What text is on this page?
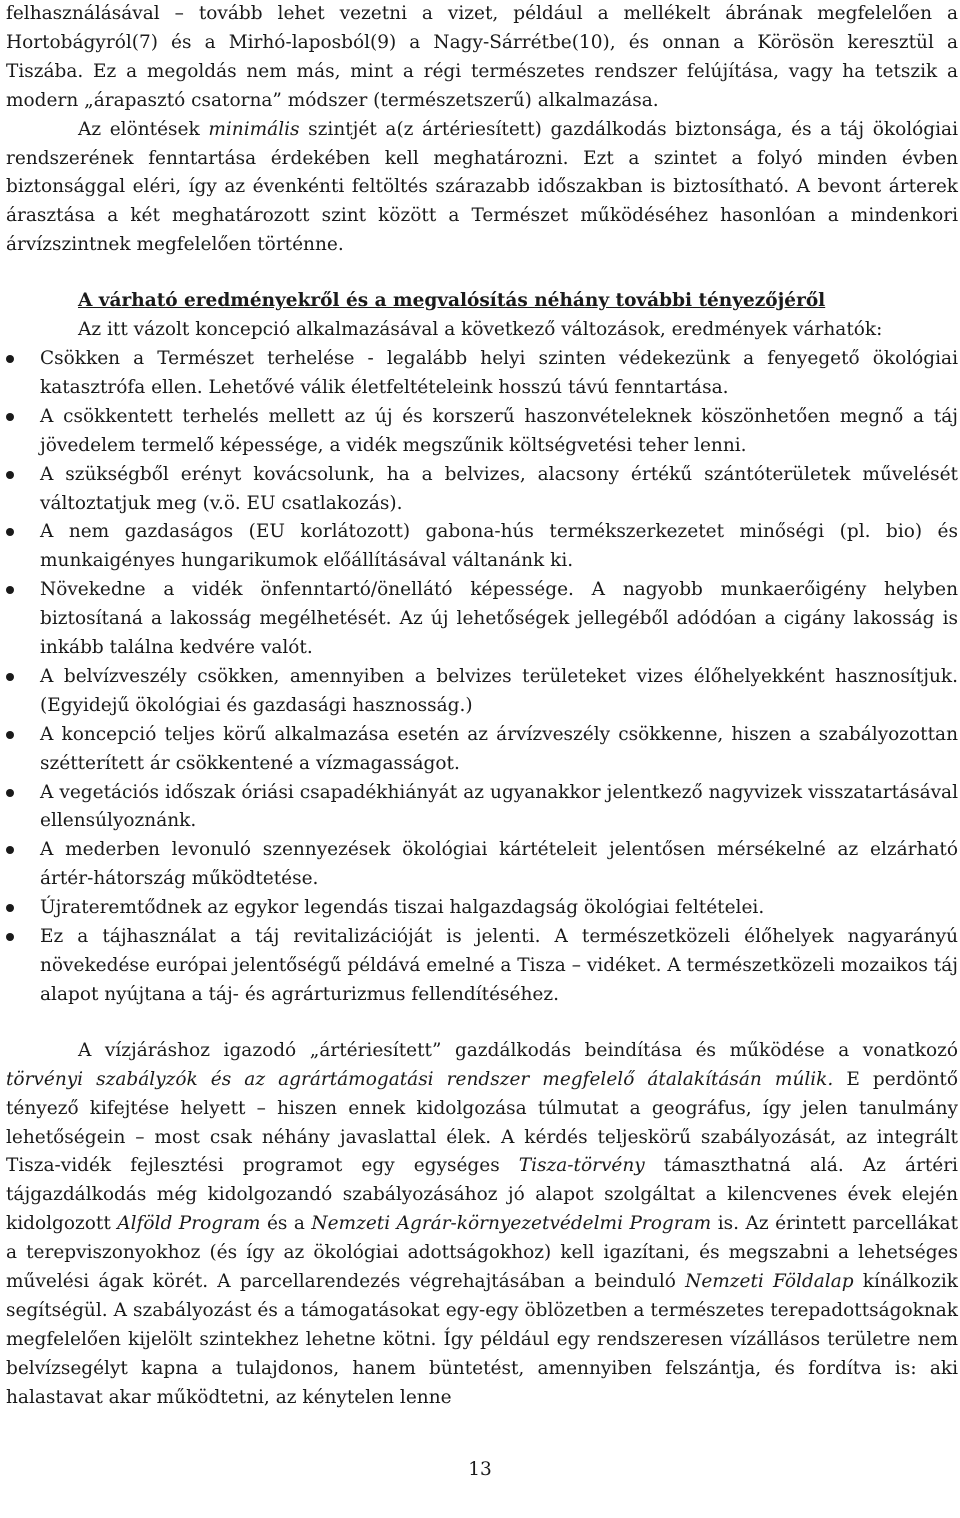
felhasználásával – tovább lehet vezetni a vizet, például a mellékelt ábrának megfelelően a Hortobágyról(7) és a Mirhó-laposból(9) a Nagy-Sárrétbe(10), és onnan a Körösön keresztül a Tiszába. Ez a megoldás nem más, mint a régi természetes rendszer felújítása, vagy ha tetszik a modern „árapasztó csatorna” módszer (természetszerű) alkalmazása.

Az elöntések minimális szintjét a(z ártériesített) gazdálkodás biztonsága, és a táj ökológiai rendszerének fenntartása érdekében kell meghatározni. Ezt a szintet a folyó minden évben biztonsággal eléri, így az évenkénti feltöltés szárazabb időszakban is biztosítható. A bevont árterek árasztása a két meghatározott szint között a Természet működéséhez hasonlóan a mindenkori árvízszintnek megfelelően történne.

A várható eredményekről és a megvalósítás néhány további tényezőjéről

Az itt vázolt koncepció alkalmazásával a következő változások, eredmények várhatók:

Csökken a Természet terhelése - legalább helyi szinten védekezünk a fenyegető ökológiai katasztrófa ellen. Lehetővé válik életfeltételeink hosszú távú fenntartása.
A csökkentett terhelés mellett az új és korszerű haszonvételeknek köszönhetően megnő a táj jövedelem termelő képessége, a vidék megszűnik költségvetési teher lenni.
A szükségből erényt kovácsolunk, ha a belvizes, alacsony értékű szántóterületek művelését változtatjuk meg (v.ö. EU csatlakozás).
A nem gazdaságos (EU korlátozott) gabona-hús termékszerkezetet minőségi (pl. bio) és munkaigényes hungarikumok előállításával váltanánk ki.
Növekedne a vidék önfenntartó/önellátó képessége. A nagyobb munkaerőigény helyben biztosítaná a lakosság megélhetését. Az új lehetőségek jellegéből adódóan a cigány lakosság is inkább találna kedvére valót.
A belvízveszély csökken, amennyiben a belvizes területeket vizes élőhelyekként hasznosítjuk. (Egyidejű ökológiai és gazdasági hasznosság.)
A koncepció teljes körű alkalmazása esetén az árvízveszély csökkenne, hiszen a szabályozottan szétterített ár csökkentené a vízmagasságot.
A vegetációs időszak óriási csapadékhiányát az ugyanakkor jelentkező nagyvizek visszatartásával ellensúlyoznánk.
A mederben levonuló szennyezések ökológiai kártételeit jelentősen mérsékelné az elzárható ártér-hátország működtetése.
Újrateremtődnek az egykor legendás tiszai halgazdagság ökológiai feltételei.
Ez a tájhasználat a táj revitalizációját is jelenti. A természetközeli élőhelyek nagyarányú növekedése európai jelentőségű példává emelné a Tisza – vidéket. A természetközeli mozaikos táj alapot nyújtana a táj- és agrárturizmus fellendítéséhez.

A vízjáráshoz igazodó „ártériesített” gazdálkodás beindítása és működése a vonatkozó törvényi szabályzók és az agrártámogatási rendszer megfelelő átalakításán múlik. E perdöntő tényező kifejtése helyett – hiszen ennek kidolgozása túlmutat a geográfus, így jelen tanulmány lehetőségein – most csak néhány javaslattal élek. A kérdés teljeskörű szabályozását, az integrált Tisza-vidék fejlesztési programot egy egységes Tisza-törvény támaszthatná alá. Az ártéri tájgazdálkodás még kidolgozandó szabályozásához jó alapot szolgáltat a kilencvenes évek elején kidolgozott Alföld Program és a Nemzeti Agrár-környezetvédelmi Program is. Az érintett parcellákat a terepviszonyokhoz (és így az ökológiai adottságokhoz) kell igazítani, és megszabni a lehetséges művelési ágak körét. A parcellarendezés végrehajtásában a beinduló Nemzeti Földalap kínálkozik segítségül. A szabályozást és a támogatásokat egy-egy öblözetben a természetes terepadottságoknak megfelelően kijelölt szintekhez lehetne kötni. Így például egy rendszeresen vízállásos területre nem belvízsegélyt kapna a tulajdonos, hanem büntetést, amennyiben felszántja, és fordítva is: aki halastavat akar működtetni, az kénytelen lenne

13
